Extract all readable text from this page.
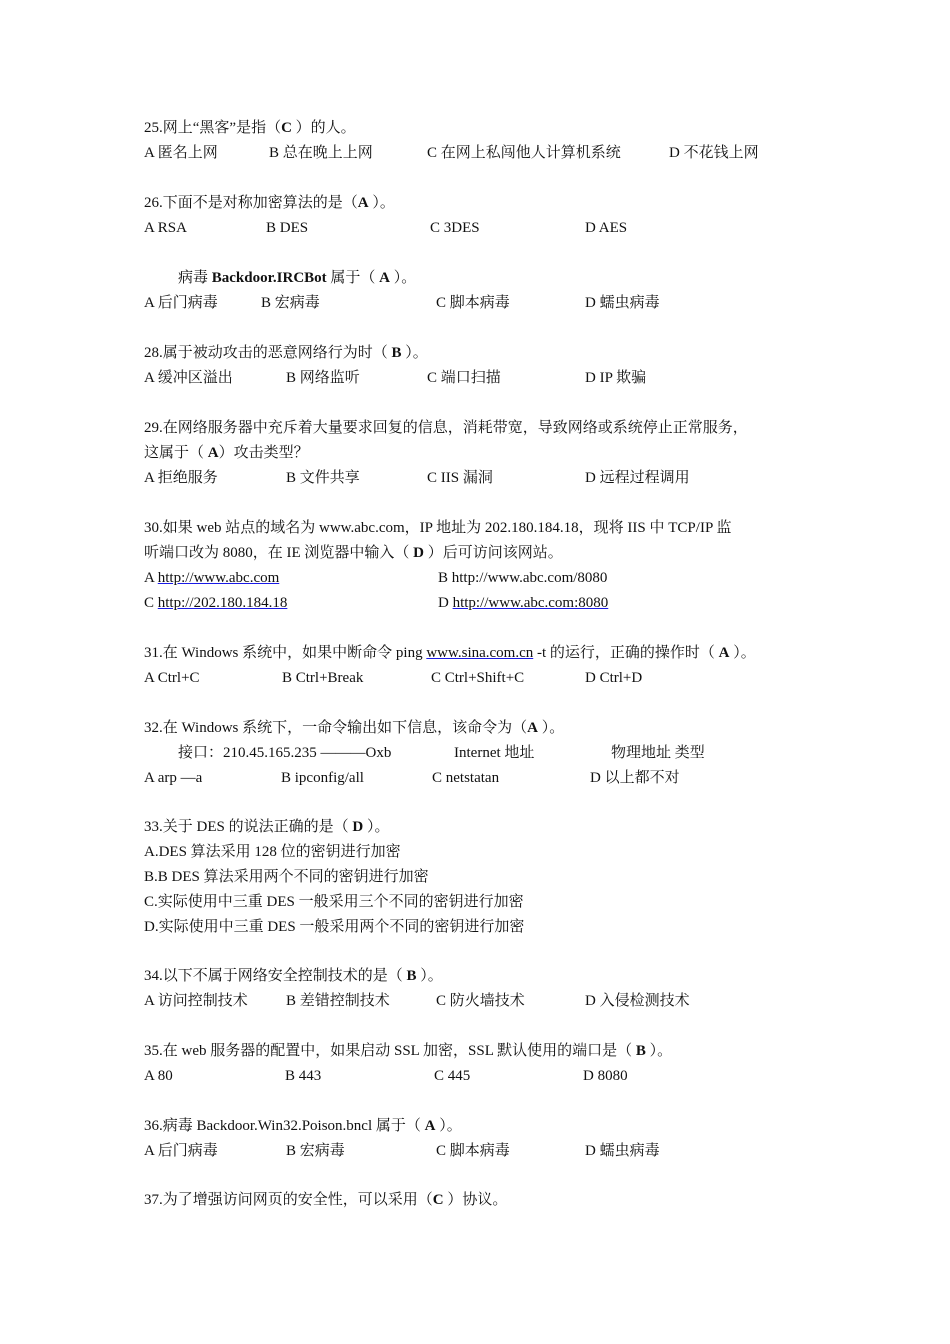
25.网上“黑客”是指（C ）的人。
A 匿名上网	B 总在晚上上网	C 在网上私闯他人计算机系统	D 不花钱上网
26.下面不是对称加密算法的是（A ）。
A RSA	B DES	C 3DES	D AES
病毒 Backdoor.IRCBot 属于（ A ）。
A 后门病毒	B 宏病毒	C 脚本病毒	D 蠕虫病毒
28.属于被动攻击的恶意网络行为时（ B ）。
A 缓冲区溢出	B 网络监听	C 端口扫描	D IP 欺骗
29.在网络服务器中充斥着大量要求回复的信息，消耗带宽，导致网络或系统停止正常服务，
这属于（ A）攻击类型？
A 拒绝服务	B 文件共享	C IIS 漏洞	D 远程过程调用
30.如果 web 站点的域名为 www.abc.com，IP 地址为 202.180.184.18，现将 IIS 中 TCP/IP 监
听端口改为 8080，在 IE 浏览器中输入（ D ）后可访问该网站。
A http://www.abc.com	B http://www.abc.com/8080
C http://202.180.184.18	D http://www.abc.com:8080
31.在 Windows 系统中，如果中断命令 ping www.sina.com.cn -t 的运行，正确的操作时（ A ）。
A Ctrl+C	B Ctrl+Break	C Ctrl+Shift+C	D Ctrl+D
32.在 Windows 系统下，一命令输出如下信息，该命令为（A ）。
接口：210.45.165.235 ———Oxb	Internet 地址	物理地址 类型
A arp —a	B ipconfig/all	C netstatan	D 以上都不对
33.关于 DES 的说法正确的是（ D ）。
A.DES 算法采用 128 位的密钥进行加密
B.B DES 算法采用两个不同的密钥进行加密
C.实际使用中三重 DES 一般采用三个不同的密钥进行加密
D.实际使用中三重 DES 一般采用两个不同的密钥进行加密
34.以下不属于网络安全控制技术的是（ B ）。
A 访问控制技术	B 差错控制技术	C 防火墙技术	D 入侵检测技术
35.在 web 服务器的配置中，如果启动 SSL 加密，SSL 默认使用的端口是（ B ）。
A 80	B 443	C 445	D 8080
36.病毒 Backdoor.Win32.Poison.bncl 属于（ A ）。
A 后门病毒	B 宏病毒	C 脚本病毒	D 蠕虫病毒
37.为了增强访问网页的安全性，可以采用（C ）协议。
